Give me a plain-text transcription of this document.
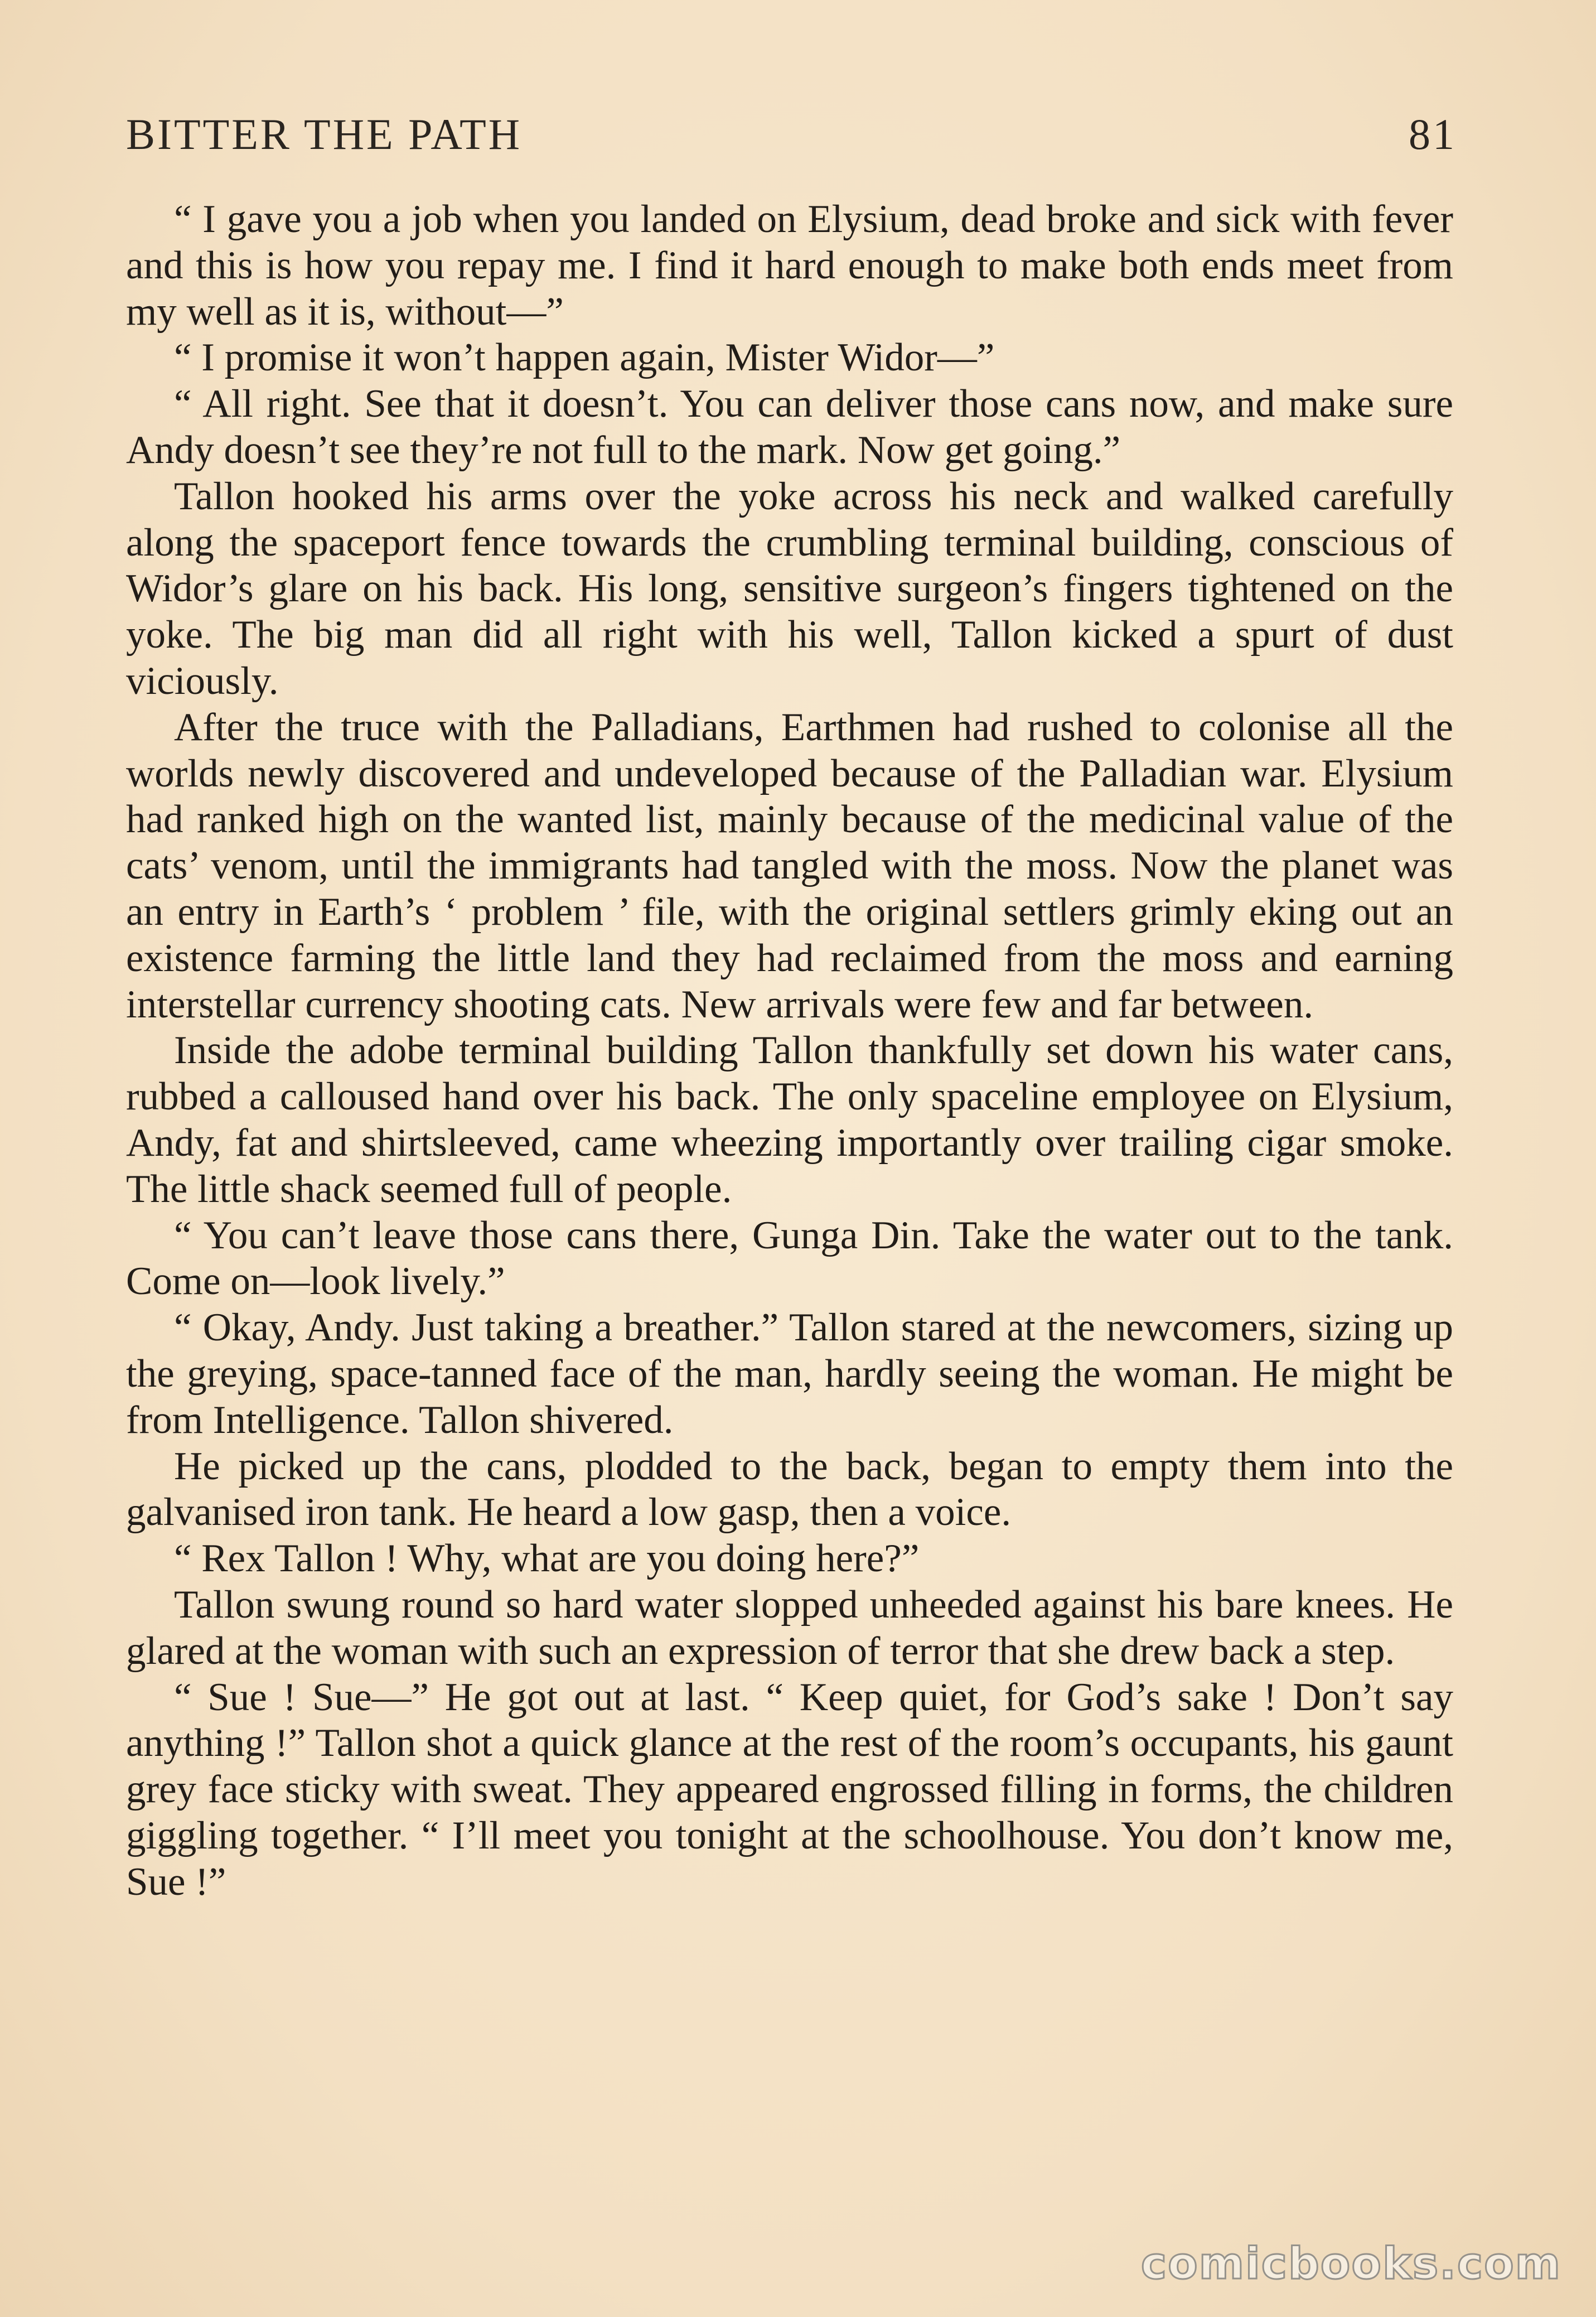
BITTER THE PATH	81

“ I gave you a job when you landed on Elysium, dead broke and sick with fever and this is how you repay me. I find it hard enough to make both ends meet from my well as it is, without—”

“ I promise it won’t happen again, Mister Widor—”

“ All right. See that it doesn’t. You can deliver those cans now, and make sure Andy doesn’t see they’re not full to the mark. Now get going.”

Tallon hooked his arms over the yoke across his neck and walked carefully along the spaceport fence towards the crumbling terminal building, conscious of Widor’s glare on his back. His long, sensitive surgeon’s fingers tightened on the yoke. The big man did all right with his well, Tallon kicked a spurt of dust viciously.

After the truce with the Palladians, Earthmen had rushed to colonise all the worlds newly discovered and undeveloped because of the Palladian war. Elysium had ranked high on the wanted list, mainly because of the medicinal value of the cats’ venom, until the immigrants had tangled with the moss. Now the planet was an entry in Earth’s ‘ problem ’ file, with the original settlers grimly eking out an existence farming the little land they had reclaimed from the moss and earning interstellar currency shooting cats. New arrivals were few and far between.

Inside the adobe terminal building Tallon thankfully set down his water cans, rubbed a calloused hand over his back. The only spaceline employee on Elysium, Andy, fat and shirtsleeved, came wheezing importantly over trailing cigar smoke. The little shack seemed full of people.

“ You can’t leave those cans there, Gunga Din. Take the water out to the tank. Come on—look lively.”

“ Okay, Andy. Just taking a breather.” Tallon stared at the newcomers, sizing up the greying, space-tanned face of the man, hardly seeing the woman. He might be from Intelligence. Tallon shivered.

He picked up the cans, plodded to the back, began to empty them into the galvanised iron tank. He heard a low gasp, then a voice.

“ Rex Tallon ! Why, what are you doing here?”

Tallon swung round so hard water slopped unheeded against his bare knees. He glared at the woman with such an expression of terror that she drew back a step.

“ Sue ! Sue—” He got out at last. “ Keep quiet, for God’s sake ! Don’t say anything !” Tallon shot a quick glance at the rest of the room’s occupants, his gaunt grey face sticky with sweat. They appeared engrossed filling in forms, the children giggling together. “ I’ll meet you tonight at the schoolhouse. You don’t know me, Sue !”

comicbooks.com
